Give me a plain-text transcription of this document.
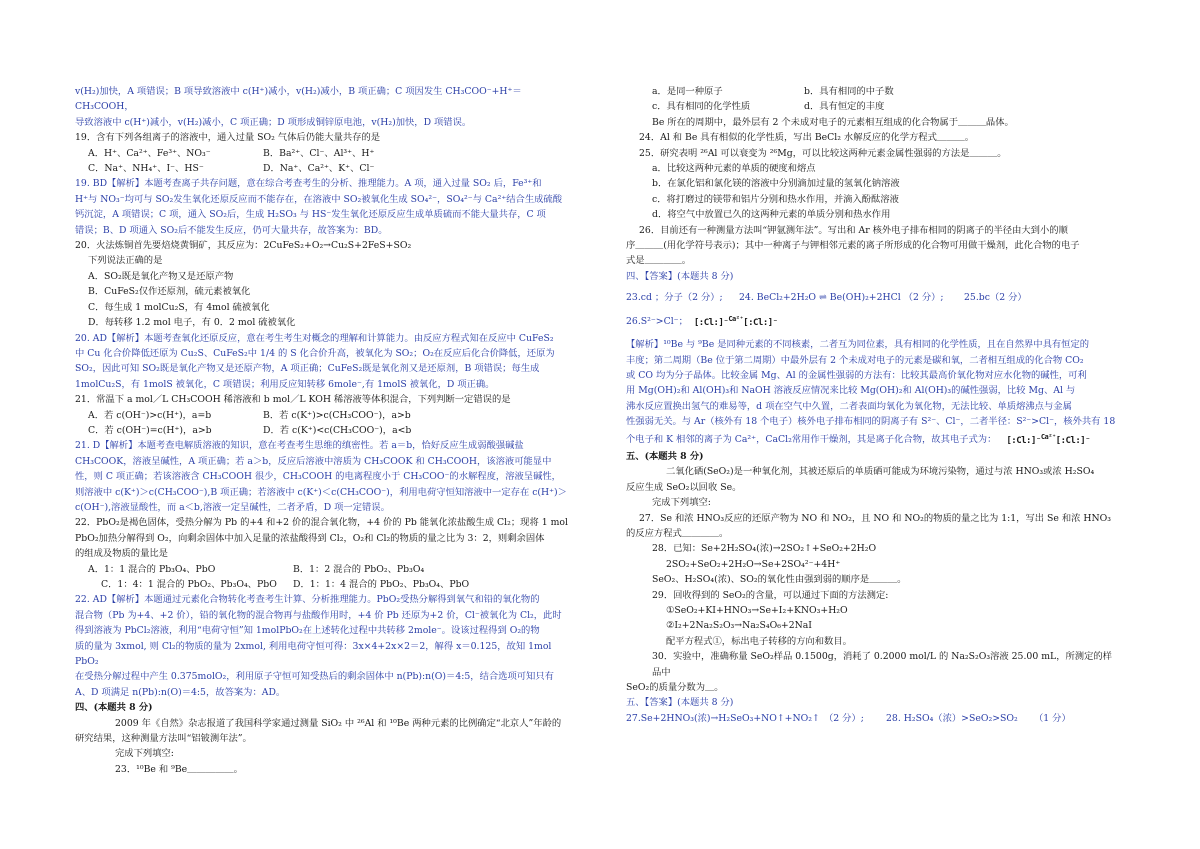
v(H₂)加快，A 项错误；B 项导致溶液中 c(H⁺)减小，v(H₂)减小，B 项正确；C 项因发生 CH₃COO⁻+H⁺＝CH₃COOH，

导致溶液中 c(H⁺)减小，v(H₂)减小，C 项正确；D 项形成铜锌原电池，v(H₂)加快，D 项错误。

19．含有下列各组离子的溶液中，通入过量 SO₂ 气体后仍能大量共存的是

A．H⁺、Ca²⁺、Fe³⁺、NO₃⁻	B．Ba²⁺、Cl⁻、Al³⁺、H⁺
C．Na⁺、NH₄⁺、I⁻、HS⁻	D．Na⁺、Ca²⁺、K⁺、Cl⁻

19. BD【解析】本题考查离子共存问题，意在综合考查考生的分析、推理能力。A 项，通入过量 SO₂ 后，Fe³⁺和

H⁺与 NO₃⁻均可与 SO₂发生氧化还原反应而不能存在，在溶液中 SO₂被氧化生成 SO₄²⁻，SO₄²⁻与 Ca²⁺结合生成硫酸

钙沉淀，A 项错误；C 项，通入 SO₂后，生成 H₂SO₃ 与 HS⁻发生氧化还原反应生成单质硫而不能大量共存，C 项

错误；B、D 项通入 SO₂后不能发生反应，仍可大量共存，故答案为：BD。

20．火法炼铜首先要焙烧黄铜矿，其反应为：2CuFeS₂+O₂→Cu₂S+2FeS+SO₂

下列说法正确的是

A．SO₂既是氧化产物又是还原产物

B．CuFeS₂仅作还原剂，硫元素被氧化

C．每生成 1 molCu₂S，有 4mol 硫被氧化

D．每转移 1.2 mol 电子，有 0．2 mol 硫被氧化

20. AD【解析】本题考查氧化还原反应，意在考生考生对概念的理解和计算能力。由反应方程式知在反应中 CuFeS₂

中 Cu 化合价降低还原为 Cu₂S、CuFeS₂中 1/4 的 S 化合价升高，被氧化为 SO₂；O₂在反应后化合价降低，还原为

SO₂，因此可知 SO₂既是氧化产物又是还原产物，A 项正确；CuFeS₂既是氧化剂又是还原剂，B 项错误；每生成

1molCu₂S，有 1molS 被氧化，C 项错误；利用反应知转移 6mole⁻,有 1molS 被氧化，D 项正确。

21．常温下 a mol／L CH₃COOH 稀溶液和 b mol／L KOH 稀溶液等体积混合，下列判断一定错误的是

A．若 c(OH⁻)>c(H⁺)，a=b	B．若 c(K⁺)>c(CH₃COO⁻)，a>b
C．若 c(OH⁻)=c(H⁺)，a>b	D．若 c(K⁺)<c(CH₃COO⁻)，a<b

21. D【解析】本题考查电解质溶液的知识，意在考查考生思维的缜密性。若 a＝b，恰好反应生成弱酸强碱盐

CH₃COOK，溶液呈碱性，A 项正确；若 a＞b，反应后溶液中溶质为 CH₃COOK 和 CH₃COOH，该溶液可能显中

性，则 C 项正确；若该溶液含 CH₃COOH 很少，CH₃COOH 的电离程度小于 CH₃COO⁻的水解程度，溶液呈碱性，

则溶液中 c(K⁺)＞c(CH₃COO⁻),B 项正确；若溶液中 c(K⁺)＜c(CH₃COO⁻)，利用电荷守恒知溶液中一定存在 c(H⁺)＞

c(OH⁻),溶液显酸性，而 a＜b,溶液一定呈碱性，二者矛盾，D 项一定错误。

22．PbO₂是褐色固体，受热分解为 Pb 的+4 和+2 价的混合氧化物，+4 价的 Pb 能氧化浓盐酸生成 Cl₂；现将 1 mol

PbO₂加热分解得到 O₂，向剩余固体中加入足量的浓盐酸得到 Cl₂，O₂和 Cl₂的物质的量之比为 3：2，则剩余固体

的组成及物质的量比是

A．1：1 混合的 Pb₃O₄、PbO	B．1：2 混合的 PbO₂、Pb₃O₄
C．1：4：1 混合的 PbO₂、Pb₃O₄、PbO	D．1：1：4 混合的 PbO₂、Pb₃O₄、PbO

22. AD【解析】本题通过元素化合物转化考查考生计算、分析推理能力。PbO₂受热分解得到氧气和铅的氧化物的

混合物（Pb 为+4、+2 价），铅的氧化物的混合物再与盐酸作用时，+4 价 Pb 还原为+2 价，Cl⁻被氧化为 Cl₂，此时

得到溶液为 PbCl₂溶液，利用“电荷守恒”知 1molPbO₂在上述转化过程中共转移 2mole⁻。设该过程得到 O₂的物

质的量为 3xmol, 则 Cl₂的物质的量为 2xmol, 利用电荷守恒可得：3x×4+2x×2＝2，解得 x＝0.125，故知 1mol PbO₂

在受热分解过程中产生 0.375molO₂，利用原子守恒可知受热后的剩余固体中 n(Pb):n(O)＝4:5，结合选项可知只有

A、D 项满足 n(Pb):n(O)＝4:5，故答案为：AD。

四、(本题共 8 分)

2009 年《自然》杂志报道了我国科学家通过测量 SiO₂ 中 ²⁶Al 和 ¹⁰Be 两种元素的比例确定“北京人”年龄的

研究结果，这种测量方法叫“铝铍测年法”。

完成下列填空:

23．¹⁰Be 和 ⁹Be＿＿＿＿＿。

a．是同一种原子	b．具有相同的中子数
c．具有相同的化学性质	d．具有恒定的丰度

Be 所在的周期中，最外层有 2 个未成对电子的元素相互组成的化合物属于＿＿＿晶体。

24．Al 和 Be 具有相似的化学性质，写出 BeCl₂ 水解反应的化学方程式＿＿＿。

25．研究表明 ²⁶Al 可以衰变为 ²⁶Mg，可以比较这两种元素金属性强弱的方法是＿＿＿。

a．比较这两种元素的单质的硬度和熔点

b．在氯化铝和氯化镁的溶液中分别滴加过量的氢氧化钠溶液

c．将打磨过的镁带和铝片分别和热水作用，并滴入酚酞溶液

d．将空气中放置已久的这两种元素的单质分别和热水作用

26．目前还有一种测量方法叫“钾氩测年法”。写出和 Ar 核外电子排布相同的阴离子的半径由大到小的顺

序＿＿＿(用化学符号表示)；其中一种离子与钾相邻元素的离子所形成的化合物可用做干燥剂，此化合物的电子

式是＿＿＿＿。

四、【答案】(本题共 8 分)

23.cd ；分子（2 分）;	24. BeCl₂+2H₂O ⇌ Be(OH)₂+2HCl （2 分）;	25.bc（2 分）
26.S²⁻>Cl⁻； [:Cl:]⁻Ca²⁺[:Cl:]⁻

【解析】¹⁰Be 与 ⁹Be 是同种元素的不同核素，二者互为同位素，具有相同的化学性质，且在自然界中具有恒定的

丰度；第二周期（Be 位于第二周期）中最外层有 2 个未成对电子的元素是碳和氧，二者相互组成的化合物 CO₂

或 CO 均为分子晶体。比较金属 Mg、Al 的金属性强弱的方法有：比较其最高价氧化物对应水化物的碱性，可利

用 Mg(OH)₂和 Al(OH)₃和 NaOH 溶液反应情况来比较 Mg(OH)₂和 Al(OH)₃的碱性强弱，比较 Mg、Al 与

沸水反应置换出氢气的难易等，d 项在空气中久置，二者表面均氧化为氧化物，无法比较、单质熔沸点与金属

性强弱无关。与 Ar（核外有 18 个电子）核外电子排布相同的阴离子有 S²⁻、Cl⁻，二者半径：S²⁻>Cl⁻，核外共有 18

个电子和 K 相邻的离子为 Ca²⁺，CaCl₂常用作干燥剂，其是离子化合物，故其电子式为： [:Cl:]⁻Ca²⁺[:Cl:]⁻

五、(本题共 8 分)

二氧化硒(SeO₂)是一种氧化剂，其被还原后的单质硒可能成为环境污染物，通过与浓 HNO₃或浓 H₂SO₄

反应生成 SeO₂以回收 Se。

完成下列填空:

27．Se 和浓 HNO₃反应的还原产物为 NO 和 NO₂，且 NO 和 NO₂的物质的量之比为 1:1，写出 Se 和浓 HNO₃

的反应方程式＿＿＿＿。

28．已知：Se+2H₂SO₄(浓)→2SO₂↑+SeO₂+2H₂O

2SO₂+SeO₂+2H₂O→Se+2SO₄²⁻+4H⁺

SeO₂、H₂SO₄(浓)、SO₂的氧化性由强到弱的顺序是＿＿＿。

29．回收得到的 SeO₂的含量，可以通过下面的方法测定:

①SeO₂+KI+HNO₃→Se+I₂+KNO₃+H₂O

②I₂+2Na₂S₂O₃→Na₂S₄O₆+2NaI

配平方程式①，标出电子转移的方向和数目。

30．实验中，准确称量 SeO₂样品 0.1500g，消耗了 0.2000 mol/L 的 Na₂S₂O₃溶液 25.00 mL，所测定的样品中

SeO₂的质量分数为＿。

五、【答案】(本题共 8 分)

27.Se+2HNO₃(浓)→H₂SeO₃+NO↑+NO₂↑ （2 分）;	28. H₂SO₄（浓）>SeO₂>SO₂	（1 分）
